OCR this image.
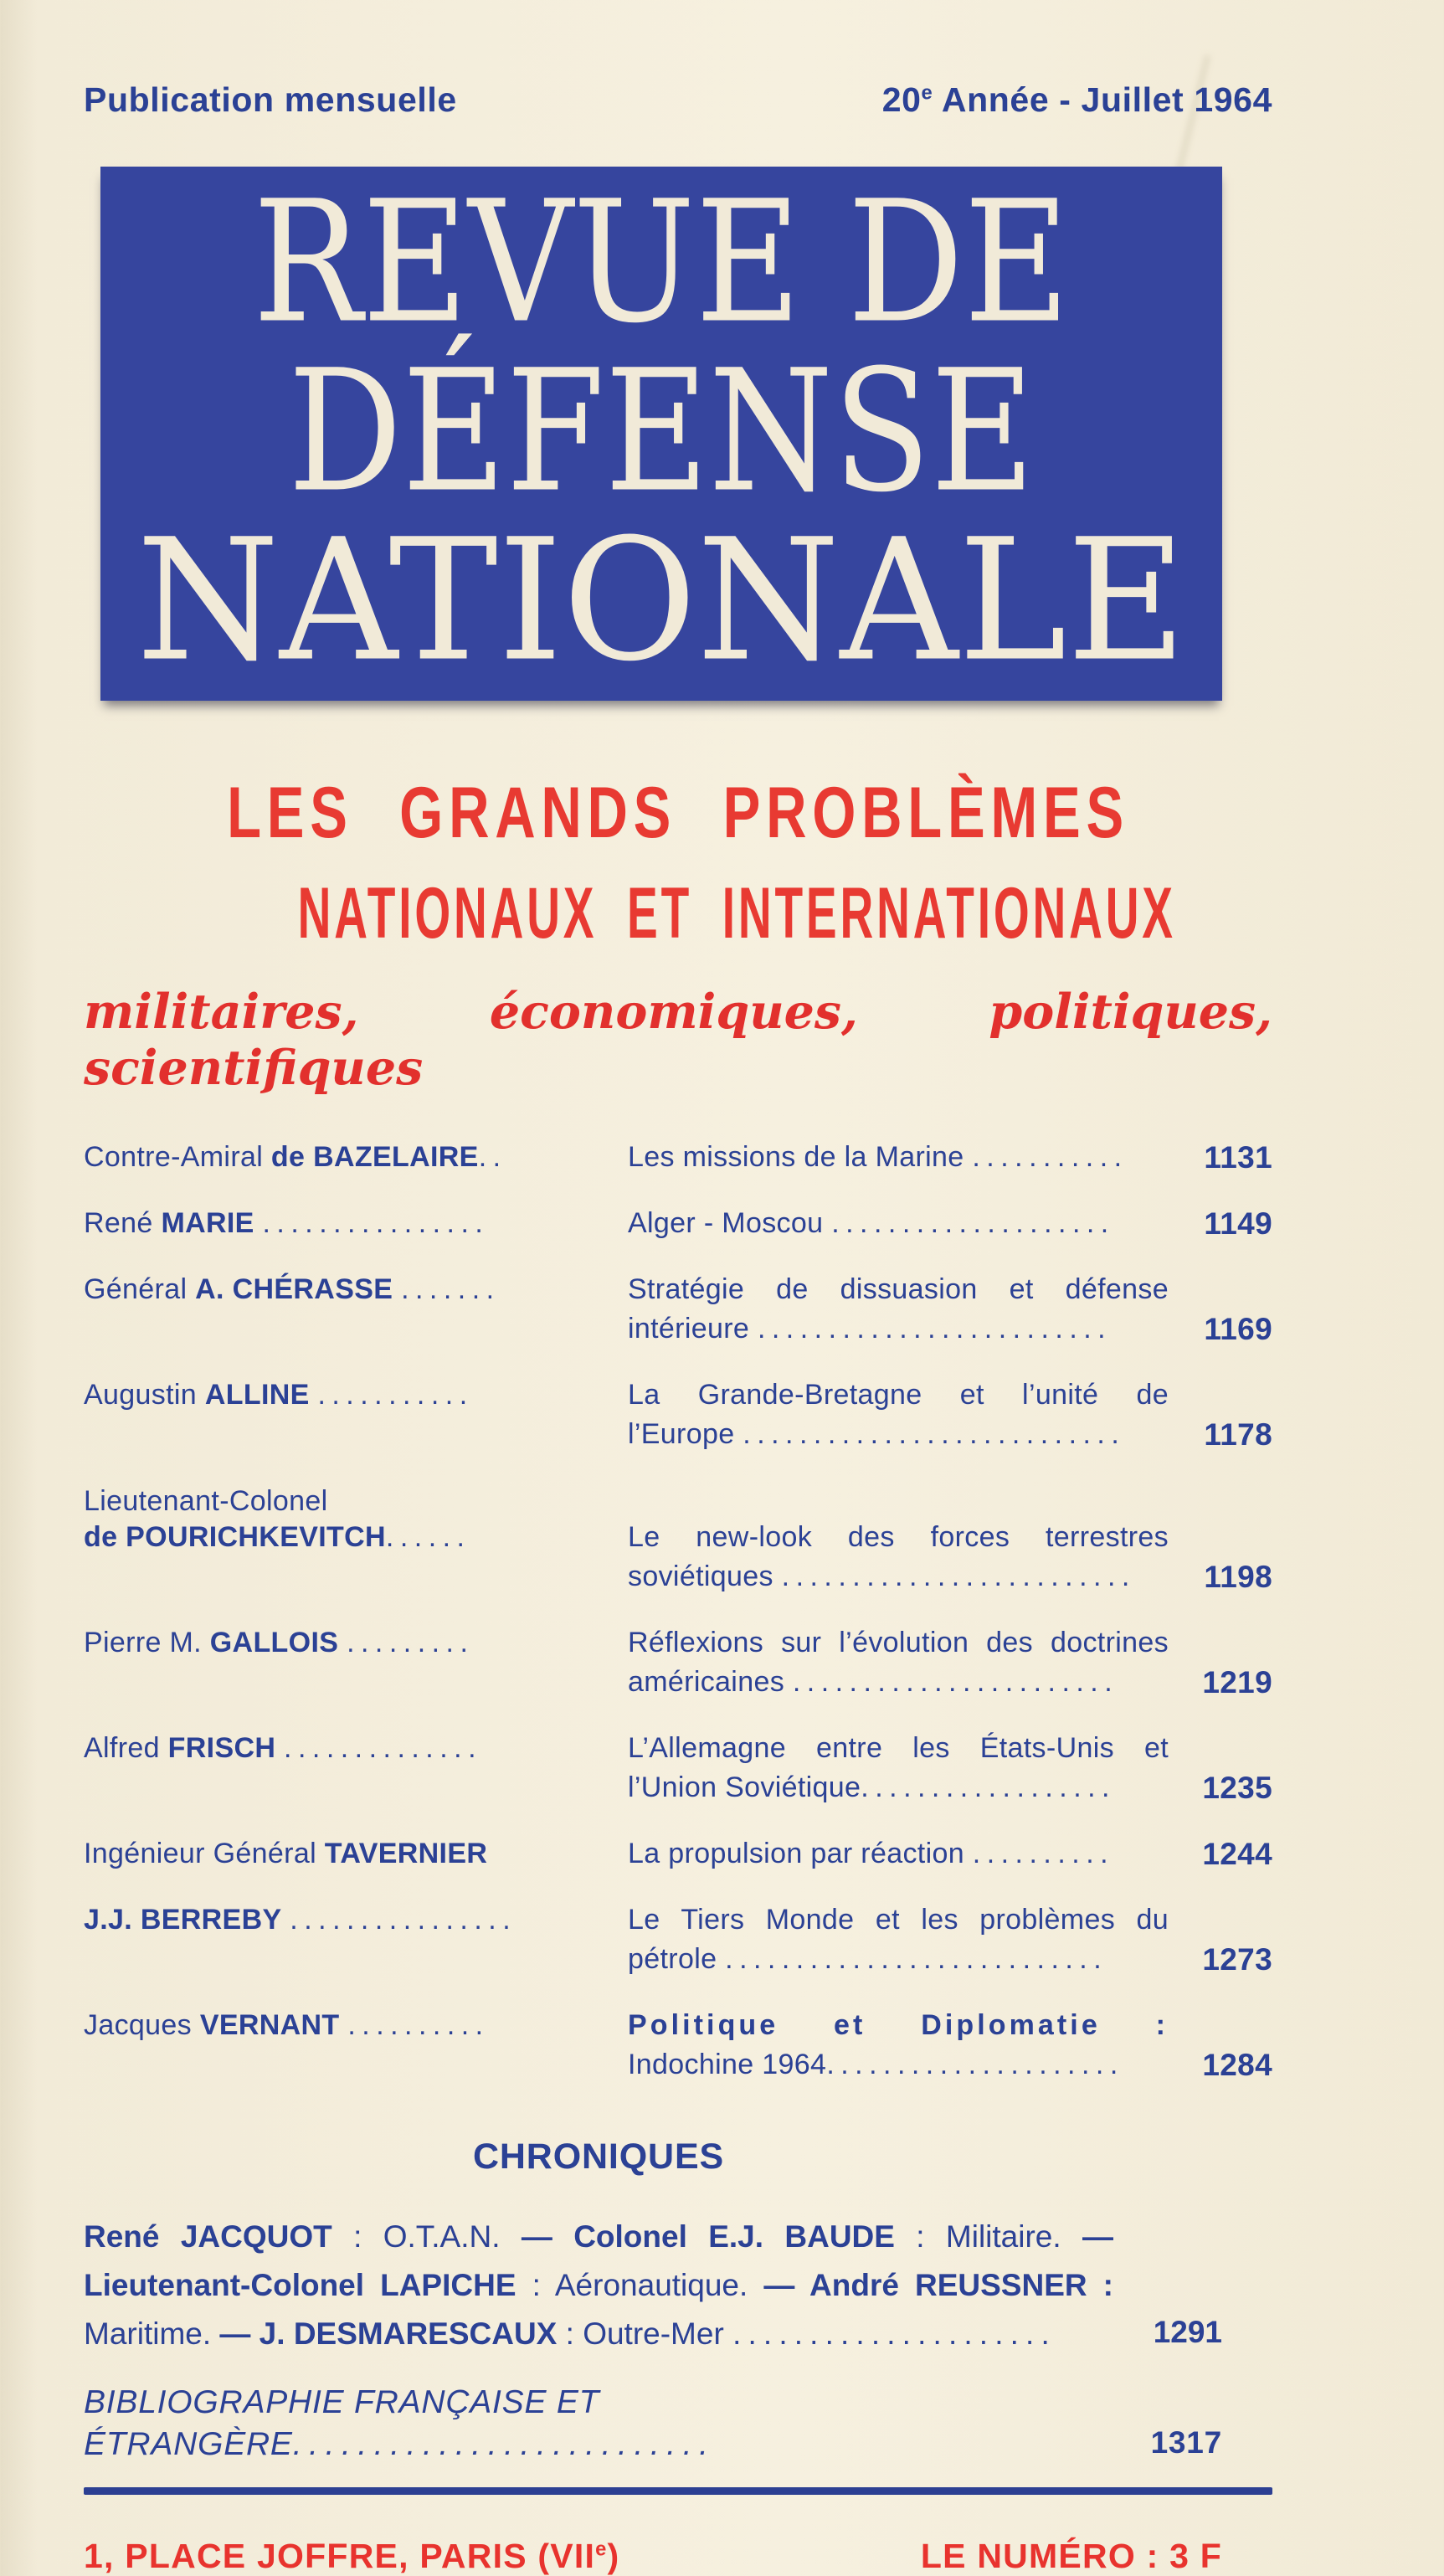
Publication mensuelle	20e Année - Juillet 1964
REVUE DE
DÉFENSE
NATIONALE
LES GRANDS PROBLÈMES
NATIONAUX ET INTERNATIONAUX
militaires, économiques, politiques, scientifiques
Contre-Amiral de BAZELAIRE..	Les missions de la Marine ...........	1131
René MARIE ................	Alger - Moscou ....................	1149
Général A. CHÉRASSE .......	Stratégie de dissuasion et défense
intérieure .........................	1169
Augustin ALLINE ...........	La Grande-Bretagne et l’unité de
l’Europe ...........................	1178
Lieutenant-Colonel
de POURICHKEVITCH......	Le new-look des forces terrestres
soviétiques .........................	1198
Pierre M. GALLOIS .........	Réflexions sur l’évolution des doctrines
américaines .......................	1219
Alfred FRISCH ..............	L’Allemagne entre les États-Unis et
l’Union Soviétique..................	1235
Ingénieur Général TAVERNIER	La propulsion par réaction ..........	1244
J.J. BERREBY ................	Le Tiers Monde et les problèmes du
pétrole ...........................	1273
Jacques VERNANT ..........	Politique et Diplomatie :
Indochine 1964.....................	1284
CHRONIQUES
René JACQUOT : O.T.A.N. — Colonel E.J. BAUDE : Militaire. — Lieutenant-Colonel LAPICHE : Aéronautique. — André REUSSNER : Maritime. — J. DESMARESCAUX : Outre-Mer .....................	1291
BIBLIOGRAPHIE FRANÇAISE ET ÉTRANGÈRE..........................	1317
1, PLACE JOFFRE, PARIS (VIIe)	LE NUMÉRO : 3 F
